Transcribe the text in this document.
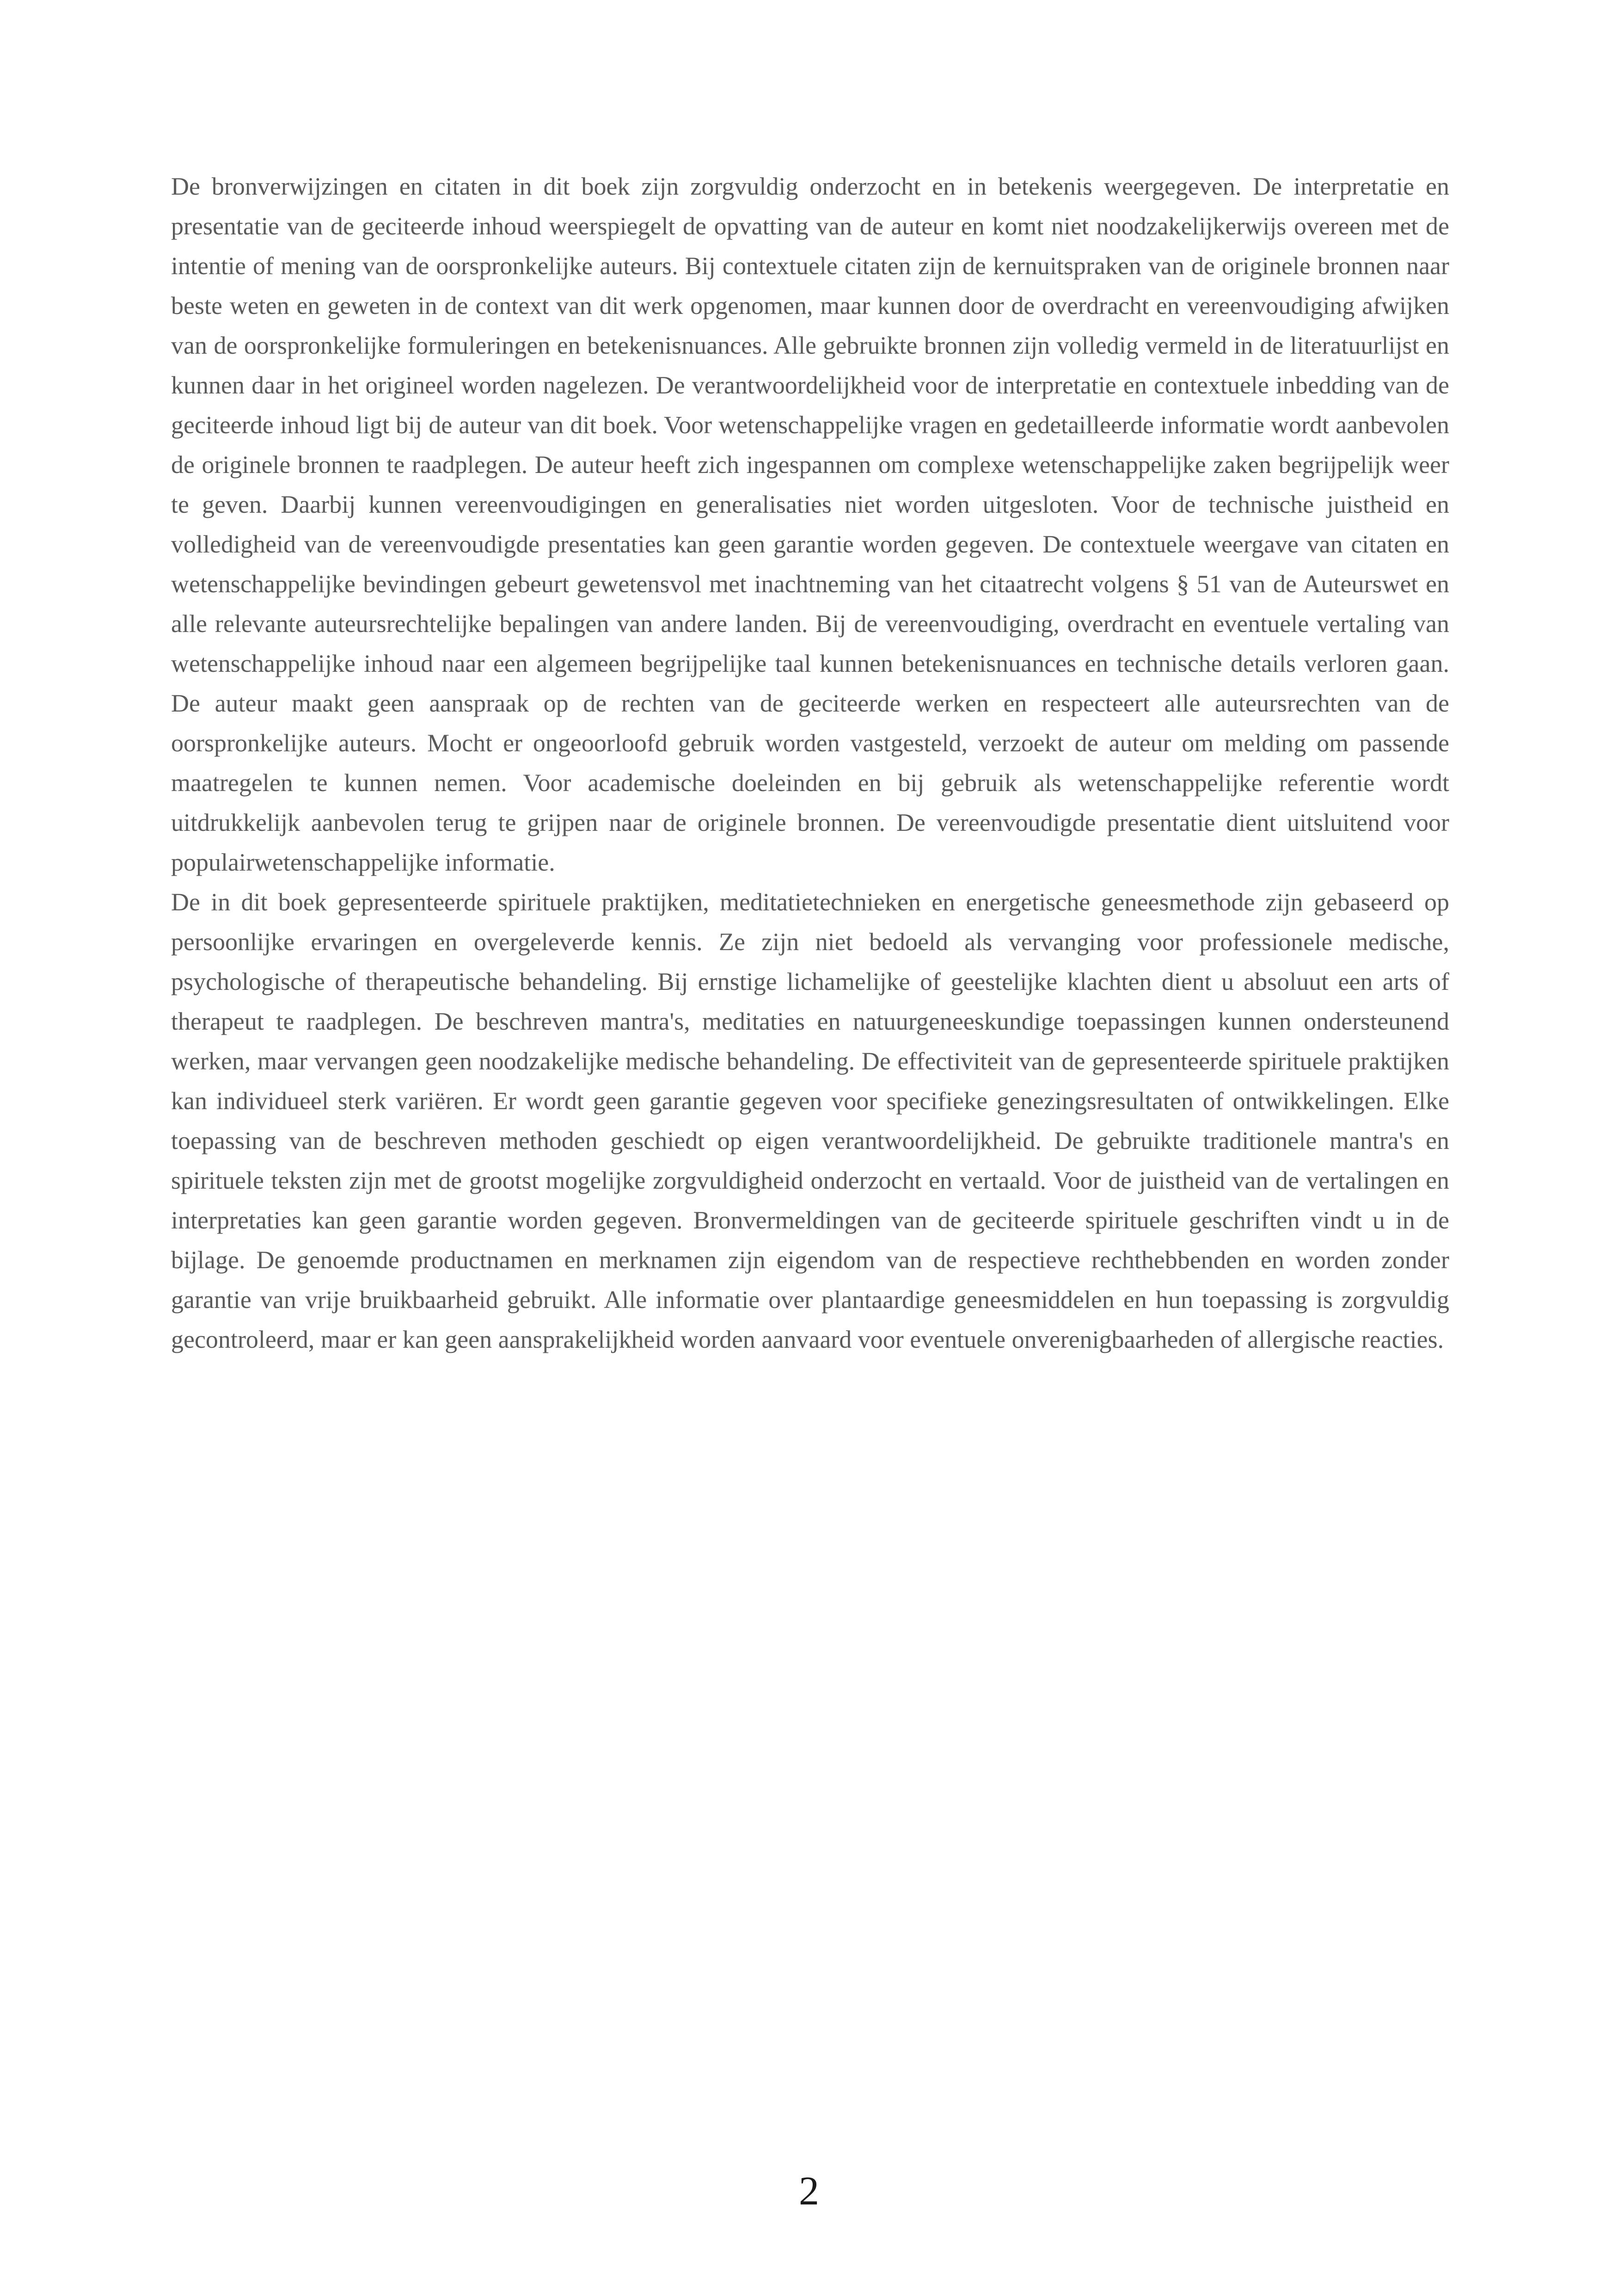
De bronverwijzingen en citaten in dit boek zijn zorgvuldig onderzocht en in betekenis weergegeven. De interpretatie en presentatie van de geciteerde inhoud weerspiegelt de opvatting van de auteur en komt niet noodzakelijkerwijs overeen met de intentie of mening van de oorspronkelijke auteurs. Bij contextuele citaten zijn de kernuitspraken van de originele bronnen naar beste weten en geweten in de context van dit werk opgenomen, maar kunnen door de overdracht en vereenvoudiging afwijken van de oorspronkelijke formuleringen en betekenisnuances. Alle gebruikte bronnen zijn volledig vermeld in de literatuurlijst en kunnen daar in het origineel worden nagelezen. De verantwoordelijkheid voor de interpretatie en contextuele inbedding van de geciteerde inhoud ligt bij de auteur van dit boek. Voor wetenschappelijke vragen en gedetailleerde informatie wordt aanbevolen de originele bronnen te raadplegen. De auteur heeft zich ingespannen om complexe wetenschappelijke zaken begrijpelijk weer te geven. Daarbij kunnen vereenvoudigingen en generalisaties niet worden uitgesloten. Voor de technische juistheid en volledigheid van de vereenvoudigde presentaties kan geen garantie worden gegeven. De contextuele weergave van citaten en wetenschappelijke bevindingen gebeurt gewetensvol met inachtneming van het citaatrecht volgens § 51 van de Auteurswet en alle relevante auteursrechtelijke bepalingen van andere landen. Bij de vereenvoudiging, overdracht en eventuele vertaling van wetenschappelijke inhoud naar een algemeen begrijpelijke taal kunnen betekenisnuances en technische details verloren gaan. De auteur maakt geen aanspraak op de rechten van de geciteerde werken en respecteert alle auteursrechten van de oorspronkelijke auteurs. Mocht er ongeoorloofd gebruik worden vastgesteld, verzoekt de auteur om melding om passende maatregelen te kunnen nemen. Voor academische doeleinden en bij gebruik als wetenschappelijke referentie wordt uitdrukkelijk aanbevolen terug te grijpen naar de originele bronnen. De vereenvoudigde presentatie dient uitsluitend voor populairwetenschappelijke informatie.

De in dit boek gepresenteerde spirituele praktijken, meditatietechnieken en energetische geneesmethode zijn gebaseerd op persoonlijke ervaringen en overgeleverde kennis. Ze zijn niet bedoeld als vervanging voor professionele medische, psychologische of therapeutische behandeling. Bij ernstige lichamelijke of geestelijke klachten dient u absoluut een arts of therapeut te raadplegen. De beschreven mantra's, meditaties en natuurgeneeskundige toepassingen kunnen ondersteunend werken, maar vervangen geen noodzakelijke medische behandeling. De effectiviteit van de gepresenteerde spirituele praktijken kan individueel sterk variëren. Er wordt geen garantie gegeven voor specifieke genezingsresultaten of ontwikkelingen. Elke toepassing van de beschreven methoden geschiedt op eigen verantwoordelijkheid. De gebruikte traditionele mantra's en spirituele teksten zijn met de grootst mogelijke zorgvuldigheid onderzocht en vertaald. Voor de juistheid van de vertalingen en interpretaties kan geen garantie worden gegeven. Bronvermeldingen van de geciteerde spirituele geschriften vindt u in de bijlage. De genoemde productnamen en merknamen zijn eigendom van de respectieve rechthebbenden en worden zonder garantie van vrije bruikbaarheid gebruikt. Alle informatie over plantaardige geneesmiddelen en hun toepassing is zorgvuldig gecontroleerd, maar er kan geen aansprakelijkheid worden aanvaard voor eventuele onverenigbaarheden of allergische reacties.

2
